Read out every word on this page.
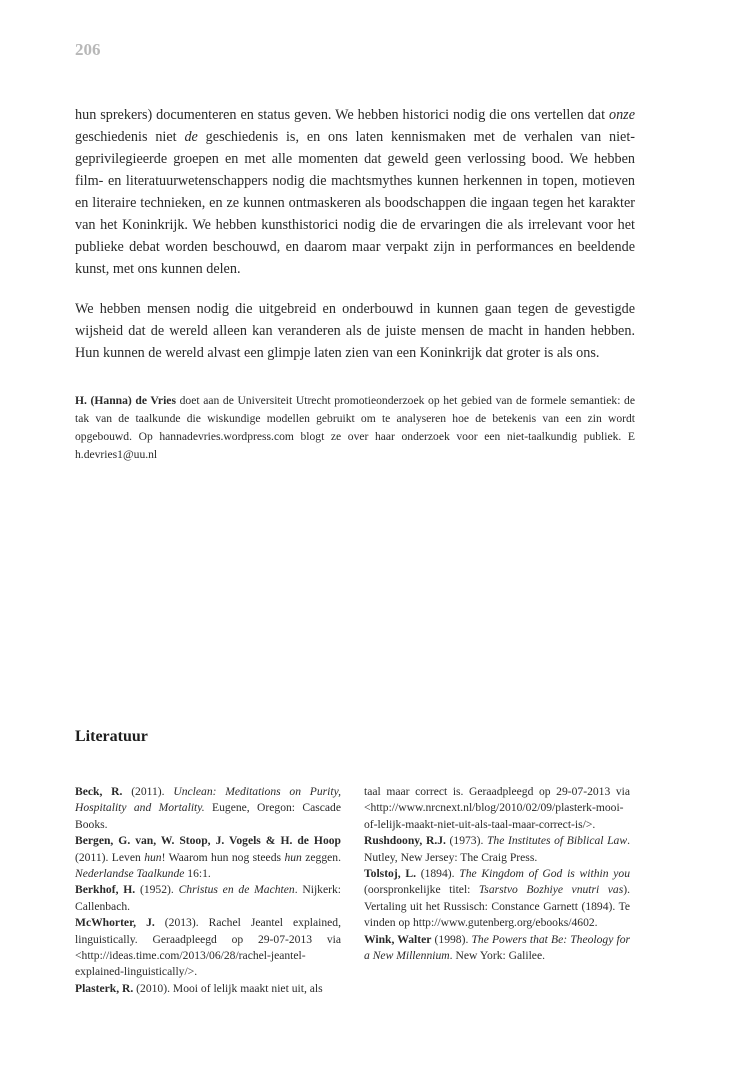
206

hun sprekers) documenteren en status geven. We hebben historici nodig die ons vertellen dat onze geschiedenis niet de geschiedenis is, en ons laten kennismaken met de verhalen van niet-geprivilegieerde groepen en met alle momenten dat geweld geen verlossing bood. We hebben film- en literatuurwetenschappers nodig die machtsmythes kunnen herkennen in topen, motieven en literaire technieken, en ze kunnen ontmaskeren als boodschappen die ingaan tegen het karakter van het Koninkrijk. We hebben kunsthistorici nodig die de ervaringen die als irrelevant voor het publieke debat worden beschouwd, en daarom maar verpakt zijn in performances en beeldende kunst, met ons kunnen delen.

We hebben mensen nodig die uitgebreid en onderbouwd in kunnen gaan tegen de gevestigde wijsheid dat de wereld alleen kan veranderen als de juiste mensen de macht in handen hebben. Hun kunnen de wereld alvast een glimpje laten zien van een Koninkrijk dat groter is als ons.

H. (Hanna) de Vries doet aan de Universiteit Utrecht promotieonderzoek op het gebied van de formele semantiek: de tak van de taalkunde die wiskundige modellen gebruikt om te analyseren hoe de betekenis van een zin wordt opgebouwd. Op hannadevries.wordpress.com blogt ze over haar onderzoek voor een niet-taalkundig publiek. E h.devries1@uu.nl

Literatuur

Beck, R. (2011). Unclean: Meditations on Purity, Hospitality and Mortality. Eugene, Oregon: Cascade Books.

Bergen, G. van, W. Stoop, J. Vogels & H. de Hoop (2011). Leven hun! Waarom hun nog steeds hun zeggen. Nederlandse Taalkunde 16:1.

Berkhof, H. (1952). Christus en de Machten. Nijkerk: Callenbach.

McWhorter, J. (2013). Rachel Jeantel explained, linguistically. Geraadpleegd op 29-07-2013 via <http://ideas.time.com/2013/06/28/rachel-jeantel-explained-linguistically/>.

Plasterk, R. (2010). Mooi of lelijk maakt niet uit, als

taal maar correct is. Geraadpleegd op 29-07-2013 via <http://www.nrcnext.nl/blog/2010/02/09/plasterk-mooi-of-lelijk-maakt-niet-uit-als-taal-maar-correct-is/>.

Rushdoony, R.J. (1973). The Institutes of Biblical Law. Nutley, New Jersey: The Craig Press.

Tolstoj, L. (1894). The Kingdom of God is within you (oorspronkelijke titel: Tsarstvo Bozhiye vnutri vas). Vertaling uit het Russisch: Constance Garnett (1894). Te vinden op http://www.gutenberg.org/ebooks/4602.

Wink, Walter (1998). The Powers that Be: Theology for a New Millennium. New York: Galilee.
